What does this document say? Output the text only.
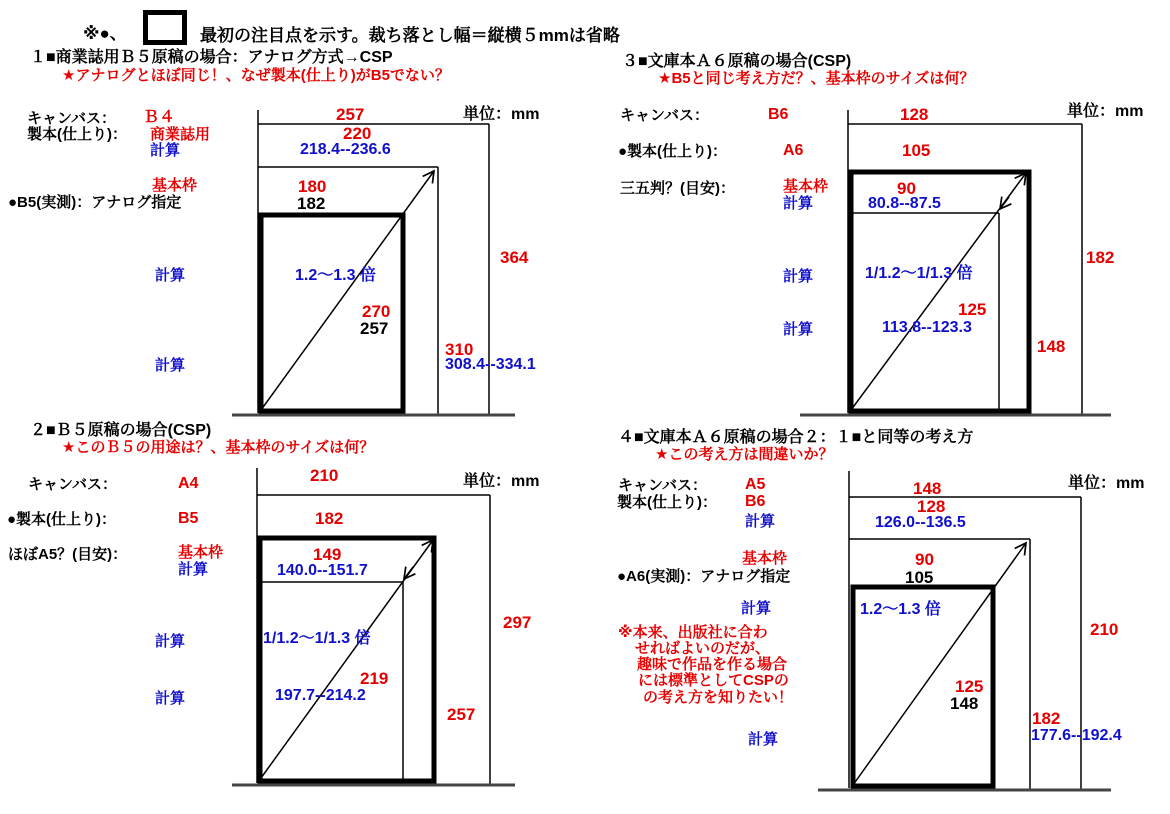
※●、	最初の注目点を示す。裁ち落とし幅＝縦横５mmは省略
１■商業誌用Ｂ５原稿の場合：アナログ方式→CSP
★アナログとほぼ同じ！、なぜ製本(仕上り)がB5でない？
キャンバス： Ｂ４
製本(仕上り)： 商業誌用
計算
基本枠
●B5(実測)：アナログ指定
計算
計算
257	単位：mm
220
218.4--236.6
180
182
1.2～1.3 倍
270
257
364
310
308.4--334.1
２■Ｂ５原稿の場合(CSP)
★このＢ５の用途は？、基本枠のサイズは何？
キャンバス：	A4
●製本(仕上り)：	B5
ほぼA5？(目安)：	基本枠
計算
計算
計算
210	単位：mm
182
149
140.0--151.7
1/1.2～1/1.3 倍
219
197.7--214.2
297
257
３■文庫本Ａ６原稿の場合(CSP)
★B5と同じ考え方だ？、基本枠のサイズは何？
キャンバス：	B6
●製本(仕上り)：	A6
三五判？(目安)：	基本枠
計算
計算
計算
128	単位：mm
105
90
80.8--87.5
1/1.2～1/1.3 倍
125
113.8--123.3
182
148
４■文庫本Ａ６原稿の場合２：１■と同等の考え方
★この考え方は間違いか？
キャンバス： A5
製本(仕上り)： B6
計算
基本枠
●A6(実測)：アナログ指定
計算
※本来、出版社に合わ
せればよいのだが、
趣味で作品を作る場合
には標準としてCSPの
の考え方を知りたい！
計算
148	単位：mm
128
126.0--136.5
90
105
1.2～1.3 倍
125
148
210
182
177.6--192.4
